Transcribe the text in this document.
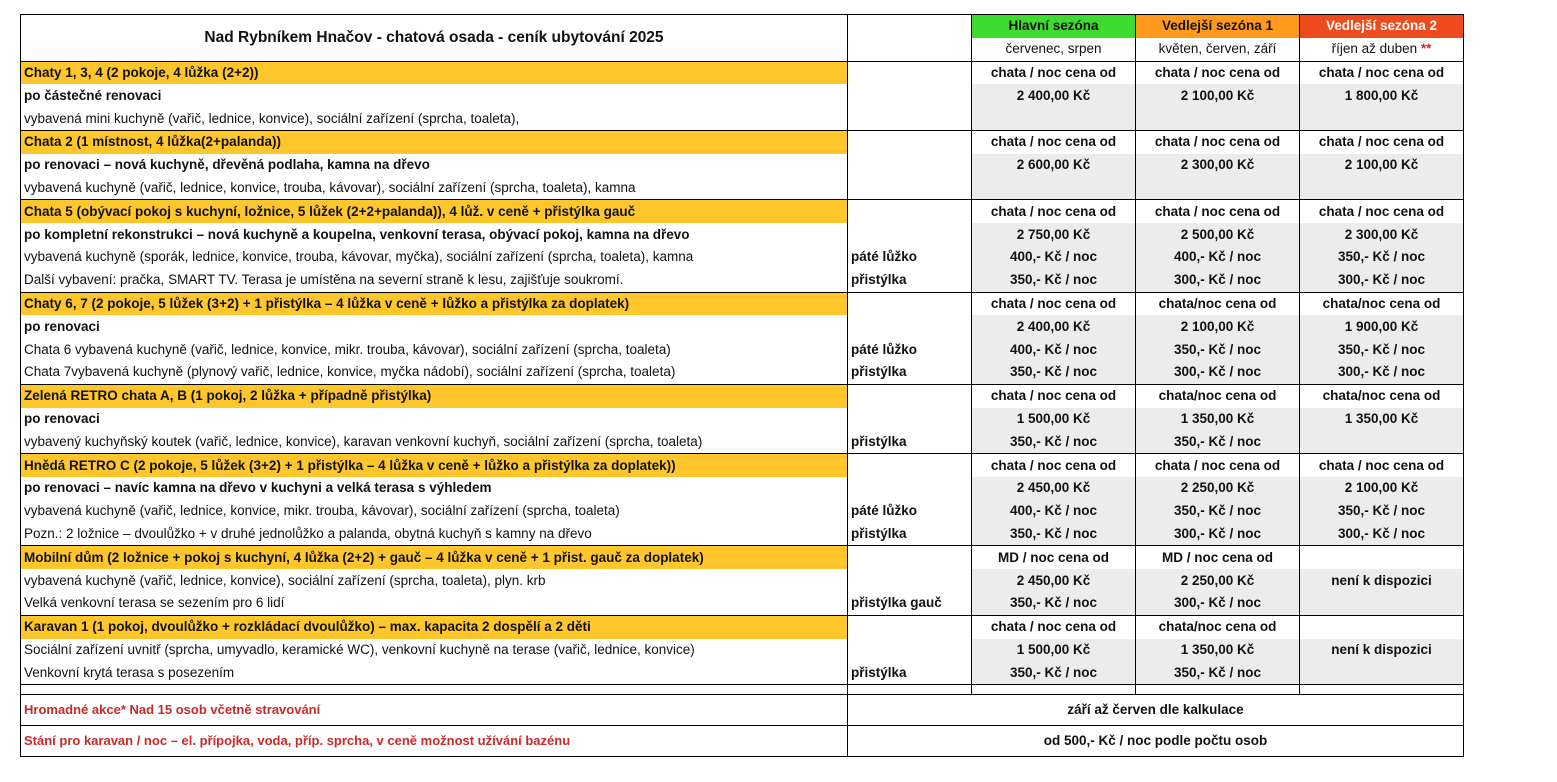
Nad Rybníkem Hnačov - chatová osada - ceník ubytování 2025		Hlavní sezóna	Vedlejší sezóna 1	Vedlejší sezóna 2
		červenec, srpen	květen, červen, září	říjen až duben **
Chaty 1, 3, 4 (2 pokoje, 4 lůžka (2+2))		chata / noc cena od	chata / noc cena od	chata / noc cena od
po částečné renovaci		2 400,00 Kč	2 100,00 Kč	1 800,00 Kč
vybavená mini kuchyně (vařič, lednice, konvice), sociální zařízení (sprcha, toaleta),				
Chata 2 (1 místnost, 4 lůžka(2+palanda))		chata / noc cena od	chata / noc cena od	chata / noc cena od
po renovaci – nová kuchyně, dřevěná podlaha, kamna na dřevo		2 600,00 Kč	2 300,00 Kč	2 100,00 Kč
vybavená kuchyně (vařič, lednice, konvice, trouba, kávovar), sociální zařízení (sprcha, toaleta), kamna				
Chata 5 (obývací pokoj s kuchyní, ložnice, 5 lůžek (2+2+palanda)), 4 lůž. v ceně + přistýlka gauč		chata / noc cena od	chata / noc cena od	chata / noc cena od
po kompletní rekonstrukci – nová kuchyně a koupelna, venkovní terasa, obývací pokoj, kamna na dřevo		2 750,00 Kč	2 500,00 Kč	2 300,00 Kč
vybavená kuchyně (sporák, lednice, konvice, trouba, kávovar, myčka), sociální zařízení (sprcha, toaleta), kamna	páté lůžko	400,- Kč / noc	400,- Kč / noc	350,- Kč / noc
Další vybavení: pračka, SMART TV. Terasa je umístěna na severní straně k lesu, zajišťuje soukromí.	přistýlka	350,- Kč / noc	300,- Kč / noc	300,- Kč / noc
Chaty 6, 7 (2 pokoje, 5 lůžek (3+2) + 1 přistýlka – 4 lůžka v ceně + lůžko a přistýlka za doplatek)		chata / noc cena od	chata/noc cena od	chata/noc cena od
po renovaci		2 400,00 Kč	2 100,00 Kč	1 900,00 Kč
Chata 6 vybavená kuchyně (vařič, lednice, konvice, mikr. trouba, kávovar), sociální zařízení (sprcha, toaleta)	páté lůžko	400,- Kč / noc	350,- Kč / noc	350,- Kč / noc
Chata 7vybavená kuchyně (plynový vařič, lednice, konvice, myčka nádobí), sociální zařízení (sprcha, toaleta)	přistýlka	350,- Kč / noc	300,- Kč / noc	300,- Kč / noc
Zelená RETRO chata A, B (1 pokoj, 2 lůžka + případně přistýlka)		chata / noc cena od	chata/noc cena od	chata/noc cena od
po renovaci		1 500,00 Kč	1 350,00 Kč	1 350,00 Kč
vybavený kuchyňský koutek (vařič, lednice, konvice), karavan venkovní kuchyň, sociální zařízení (sprcha, toaleta)	přistýlka	350,- Kč / noc	350,- Kč / noc	
Hnědá RETRO C (2 pokoje, 5 lůžek (3+2) + 1 přistýlka – 4 lůžka v ceně + lůžko a přistýlka za doplatek))		chata / noc cena od	chata / noc cena od	chata / noc cena od
po renovaci – navíc kamna na dřevo v kuchyni a velká terasa s výhledem		2 450,00 Kč	2 250,00 Kč	2 100,00 Kč
vybavená kuchyně (vařič, lednice, konvice, mikr. trouba, kávovar), sociální zařízení (sprcha, toaleta)	páté lůžko	400,- Kč / noc	350,- Kč / noc	350,- Kč / noc
Pozn.: 2 ložnice – dvoulůžko + v druhé jednolůžko a palanda, obytná kuchyň s kamny na dřevo	přistýlka	350,- Kč / noc	300,- Kč / noc	300,- Kč / noc
Mobilní dům (2 ložnice + pokoj s kuchyní, 4 lůžka (2+2) + gauč – 4 lůžka v ceně + 1 přist. gauč za doplatek)		MD / noc cena od	MD / noc cena od	
vybavená kuchyně (vařič, lednice, konvice), sociální zařízení (sprcha, toaleta), plyn. krb		2 450,00 Kč	2 250,00 Kč	není k dispozici
Velká venkovní terasa se sezením pro 6 lidí	přistýlka gauč	350,- Kč / noc	300,- Kč / noc	
Karavan 1 (1 pokoj, dvoulůžko + rozkládací dvoulůžko) – max. kapacita 2 dospělí a 2 děti		chata / noc cena od	chata/noc cena od	
Sociální zařízení uvnitř (sprcha, umyvadlo, keramické WC), venkovní kuchyně na terase (vařič, lednice, konvice)		1 500,00 Kč	1 350,00 Kč	není k dispozici
Venkovní krytá terasa s posezením	přistýlka	350,- Kč / noc	350,- Kč / noc	

Hromadné akce* Nad 15 osob včetně stravování	září až červen dle kalkulace			
Stání pro karavan / noc – el. přípojka, voda, příp. sprcha, v ceně možnost užívání bazénu	od 500,- Kč / noc podle počtu osob			
